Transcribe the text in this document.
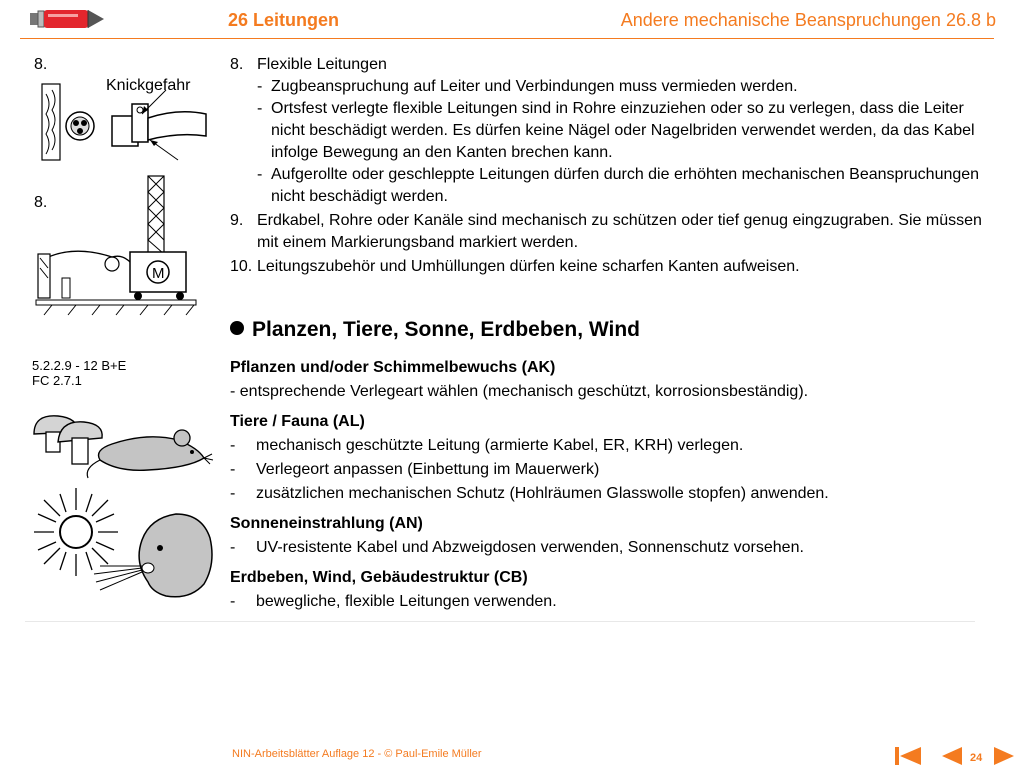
26 Leitungen	Andere mechanische Beanspruchungen 26.8 b
8.
Knickgefahr
8.
M
5.2.2.9 - 12 B+E
FC 2.7.1
8. Flexible Leitungen
- Zugbeanspruchung auf Leiter und Verbindungen muss vermieden werden.
- Ortsfest verlegte flexible Leitungen sind in Rohre einzuziehen oder so zu verlegen, dass die Leiter nicht beschädigt werden. Es dürfen keine Nägel oder Nagelbriden verwendet werden, da das Kabel infolge Bewegung an den Kanten brechen kann.
- Aufgerollte oder geschleppte Leitungen dürfen durch die erhöhten mechanischen Beanspruchungen nicht beschädigt werden.
9. Erdkabel, Rohre oder Kanäle sind mechanisch zu schützen oder tief genug eingzugraben. Sie müssen mit einem Markierungsband markiert werden.
10. Leitungszubehör und Umhüllungen dürfen keine scharfen Kanten aufweisen.
Planzen, Tiere, Sonne, Erdbeben, Wind
Pflanzen und/oder Schimmelbewuchs (AK)
- entsprechende Verlegeart wählen (mechanisch geschützt, korrosionsbeständig).
Tiere / Fauna (AL)
- mechanisch geschützte Leitung (armierte Kabel, ER, KRH) verlegen.
- Verlegeort anpassen (Einbettung im Mauerwerk)
- zusätzlichen mechanischen Schutz (Hohlräumen Glasswolle stopfen) anwenden.
Sonneneinstrahlung (AN)
- UV-resistente Kabel und Abzweigdosen verwenden, Sonnenschutz vorsehen.
Erdbeben, Wind, Gebäudestruktur (CB)
- bewegliche, flexible Leitungen verwenden.
NIN-Arbeitsblätter Auflage 12 - © Paul-Emile Müller	24
